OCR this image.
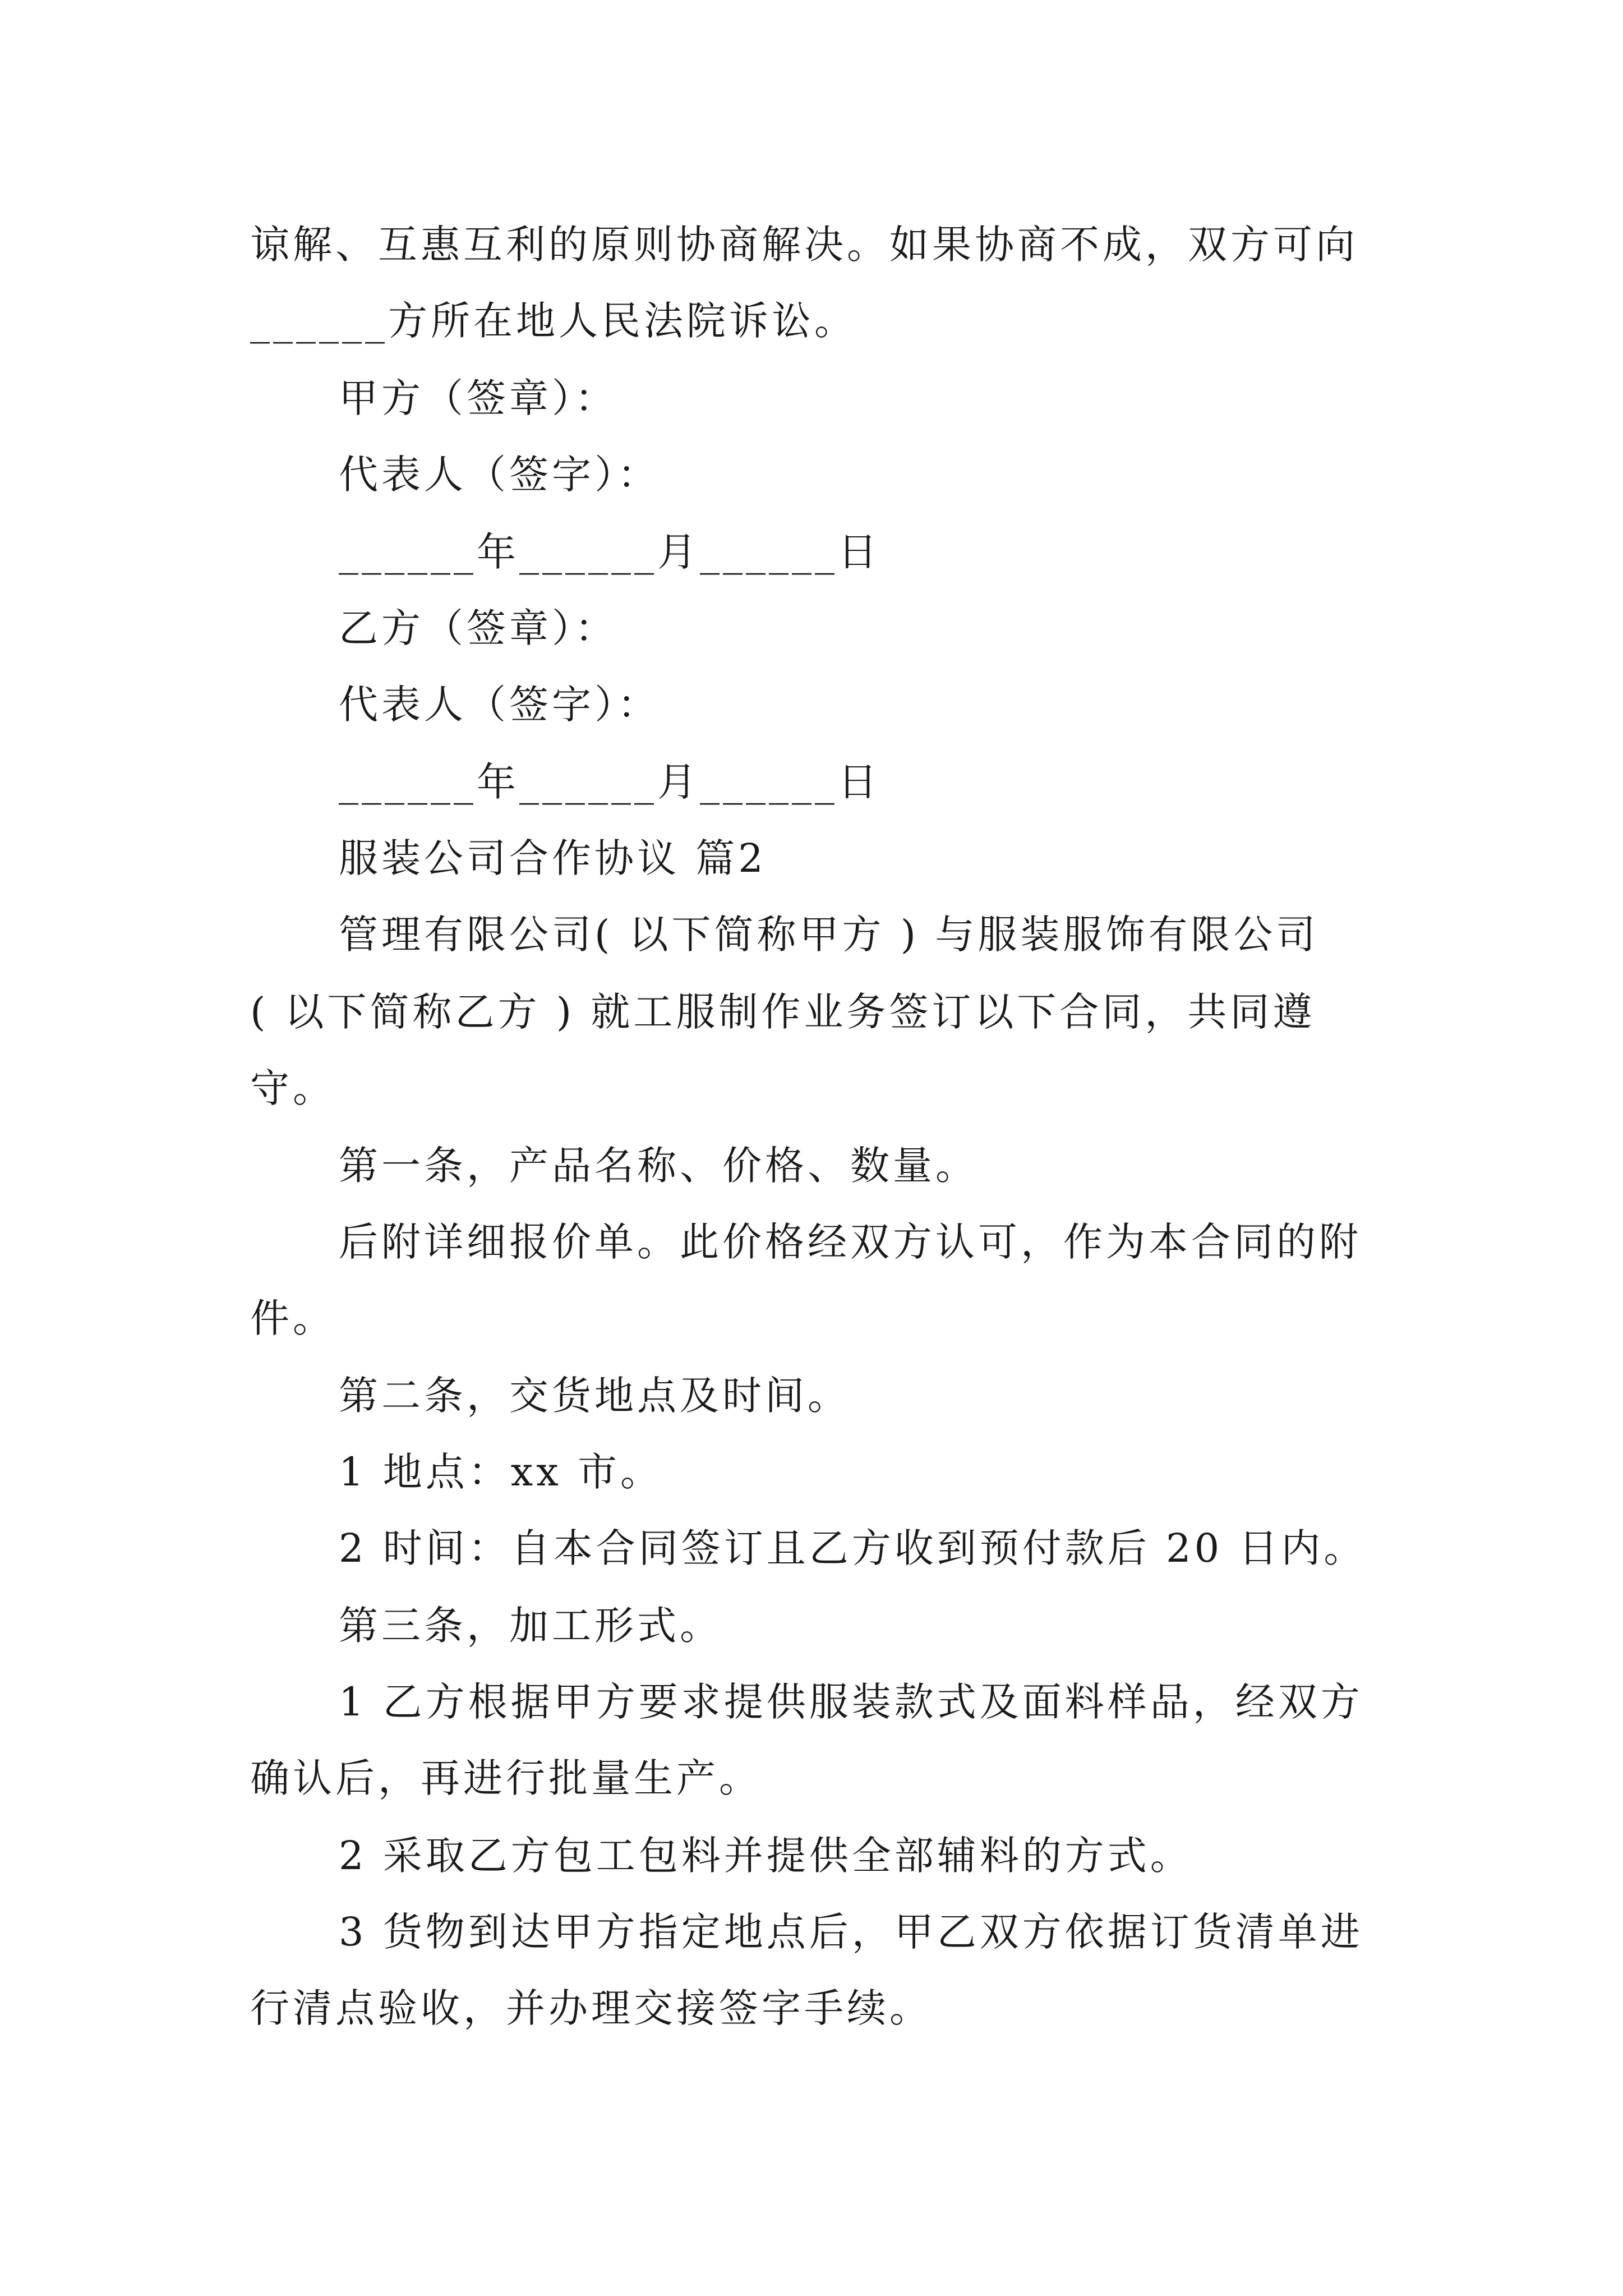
谅解、互惠互利的原则协商解决。如果协商不成，双方可向
______方所在地人民法院诉讼。
甲方（签章）：
代表人（签字）：
______年______月______日
乙方（签章）：
代表人（签字）：
______年______月______日
服装公司合作协议 篇2
管理有限公司( 以下简称甲方 ) 与服装服饰有限公司
( 以下简称乙方 ) 就工服制作业务签订以下合同，共同遵
守。
第一条，产品名称、价格、数量。
后附详细报价单。此价格经双方认可，作为本合同的附
件。
第二条，交货地点及时间。
1 地点：xx 市。
2 时间：自本合同签订且乙方收到预付款后 20 日内。
第三条，加工形式。
1 乙方根据甲方要求提供服装款式及面料样品，经双方
确认后，再进行批量生产。
2 采取乙方包工包料并提供全部辅料的方式。
3 货物到达甲方指定地点后，甲乙双方依据订货清单进
行清点验收，并办理交接签字手续。
